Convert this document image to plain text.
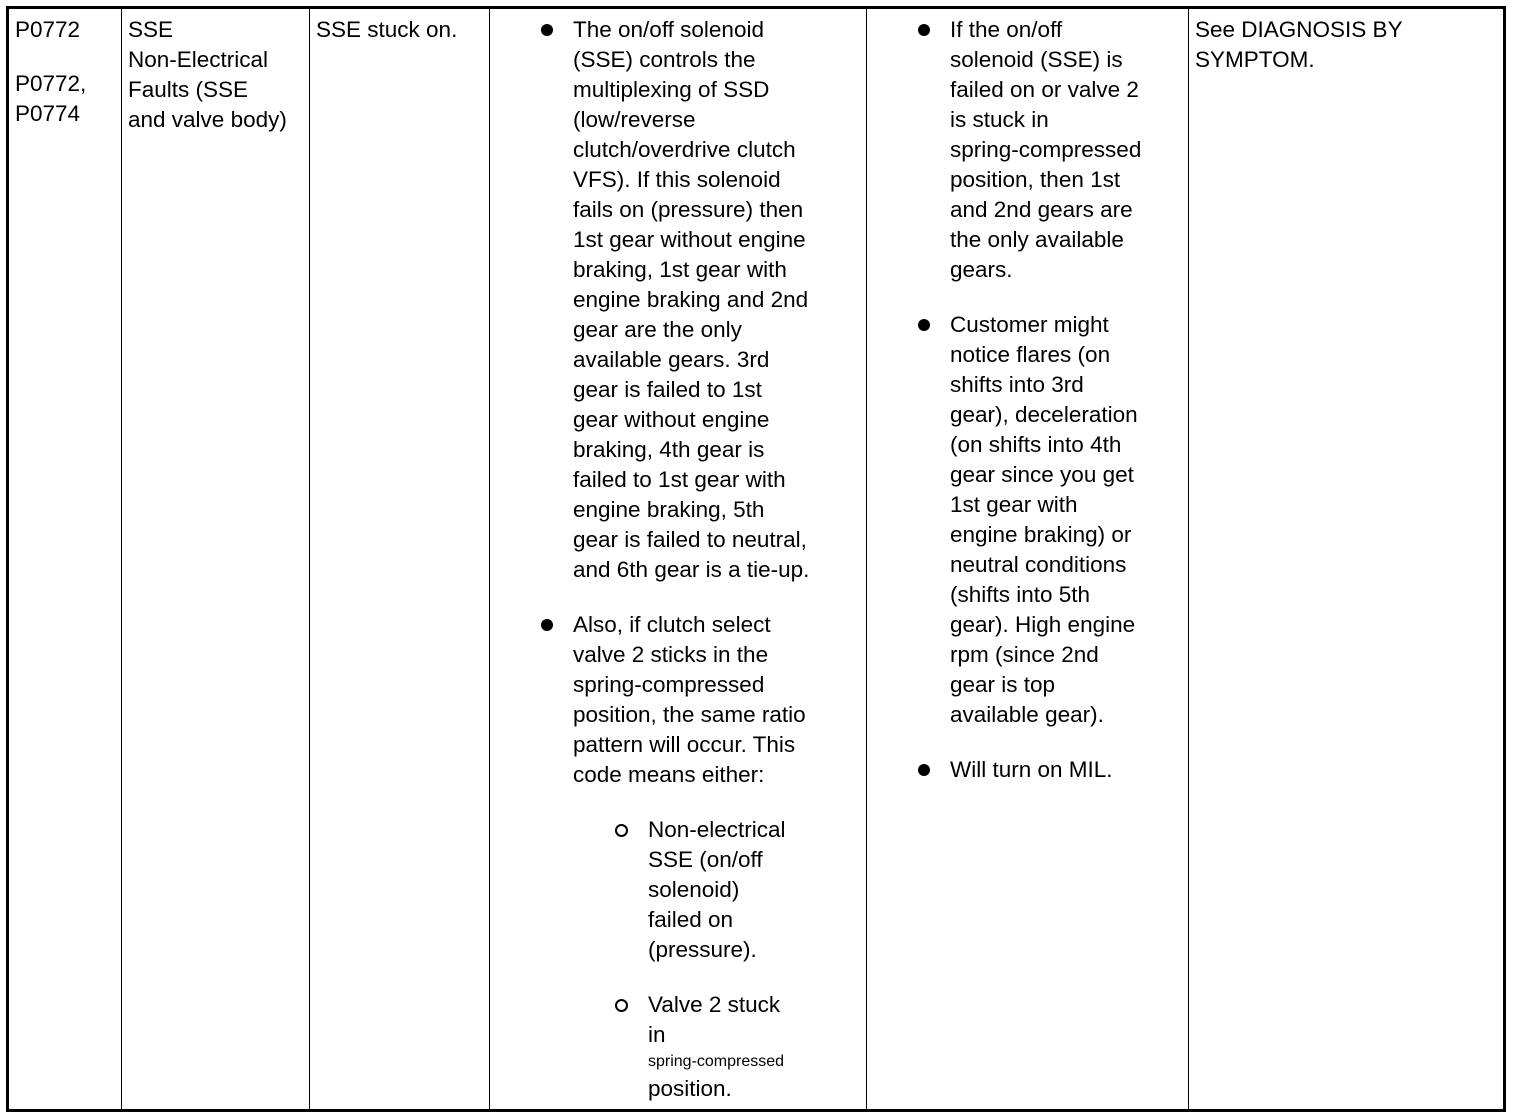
P0772

P0772,

P0774

SSE

Non-Electrical

Faults (SSE

and valve body)

SSE stuck on.	The on/off solenoid

(SSE) controls the

multiplexing of SSD

(low/reverse

clutch/overdrive clutch

VFS). If this solenoid

fails on (pressure) then

1st gear without engine

braking, 1st gear with

engine braking and 2nd

gear are the only

available gears. 3rd

gear is failed to 1st

gear without engine

braking, 4th gear is

failed to 1st gear with

engine braking, 5th

gear is failed to neutral,

and 6th gear is a tie-up.

Also, if clutch select

valve 2 sticks in the

spring-compressed

position, the same ratio

pattern will occur. This

code means either:

Non-electrical

SSE (on/off

solenoid)

failed on

(pressure).

Valve 2 stuck

in

spring-compressed

position.

If the on/off

solenoid (SSE) is

failed on or valve 2

is stuck in

spring-compressed

position, then 1st

and 2nd gears are

the only available

gears.

Customer might

notice flares (on

shifts into 3rd

gear), deceleration

(on shifts into 4th

gear since you get

1st gear with

engine braking) or

neutral conditions

(shifts into 5th

gear). High engine

rpm (since 2nd

gear is top

available gear).

Will turn on MIL.

See DIAGNOSIS BY

SYMPTOM.
